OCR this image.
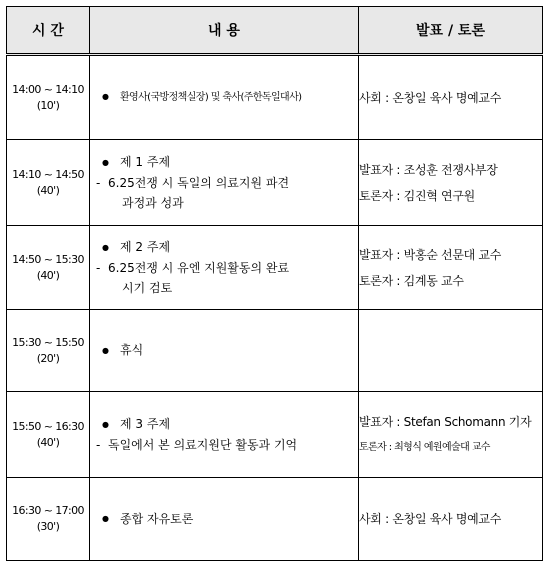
시 간	내 용	발표 / 토론

14:00 ~ 14:10
(10')	● 환영사(국방정책실장) 및 축사(주한독일대사)	사회 : 온창일 육사 명예교수

14:10 ~ 14:50
(40')	● 제 1 주제
- 6.25전쟁 시 독일의 의료지원 파견
과정과 성과	발표자 : 조성훈 전쟁사부장
토론자 : 김진혁 연구원

14:50 ~ 15:30
(40')	● 제 2 주제
- 6.25전쟁 시 유엔 지원활동의 완료
시기 검토	발표자 : 박홍순 선문대 교수
토론자 : 김계동 교수

15:30 ~ 15:50
(20')	● 휴식	

15:50 ~ 16:30
(40')	● 제 3 주제
- 독일에서 본 의료지원단 활동과 기억	발표자 : Stefan Schomann 기자
토론자 : 최형식 예원예술대 교수

16:30 ~ 17:00
(30')	● 종합 자유토론	사회 : 온창일 육사 명예교수
